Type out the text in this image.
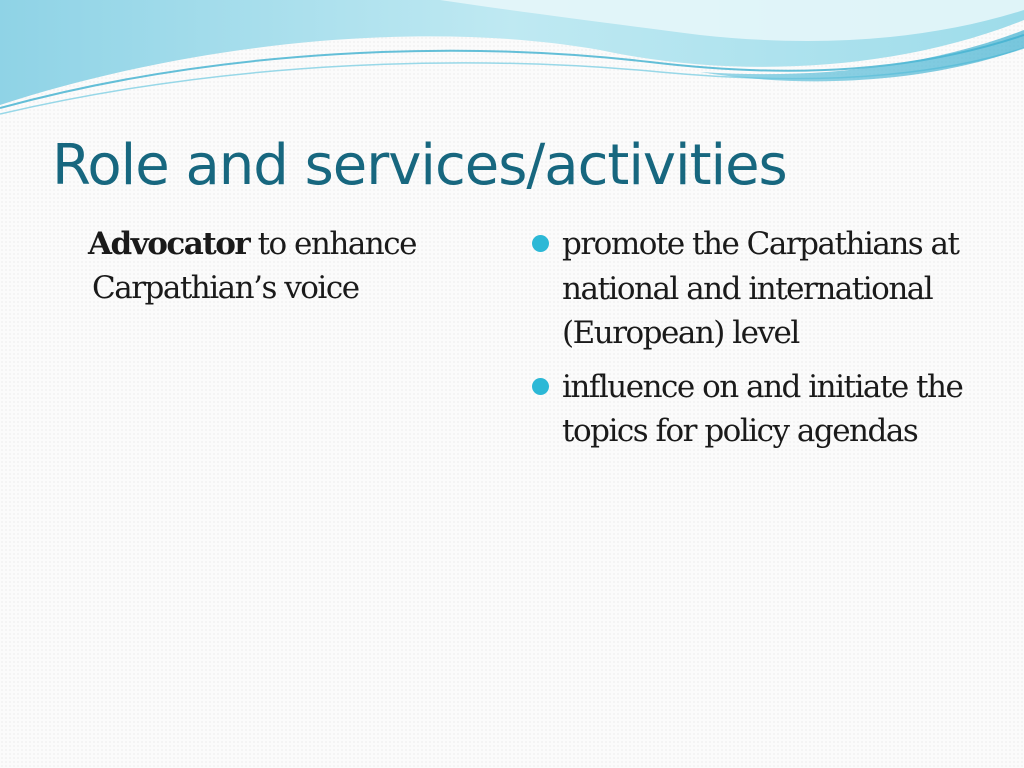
Role and services/activities
Advocator to enhance
Carpathian’s voice
promote the Carpathians at national and international (European) level
influence on and initiate the topics for policy agendas
